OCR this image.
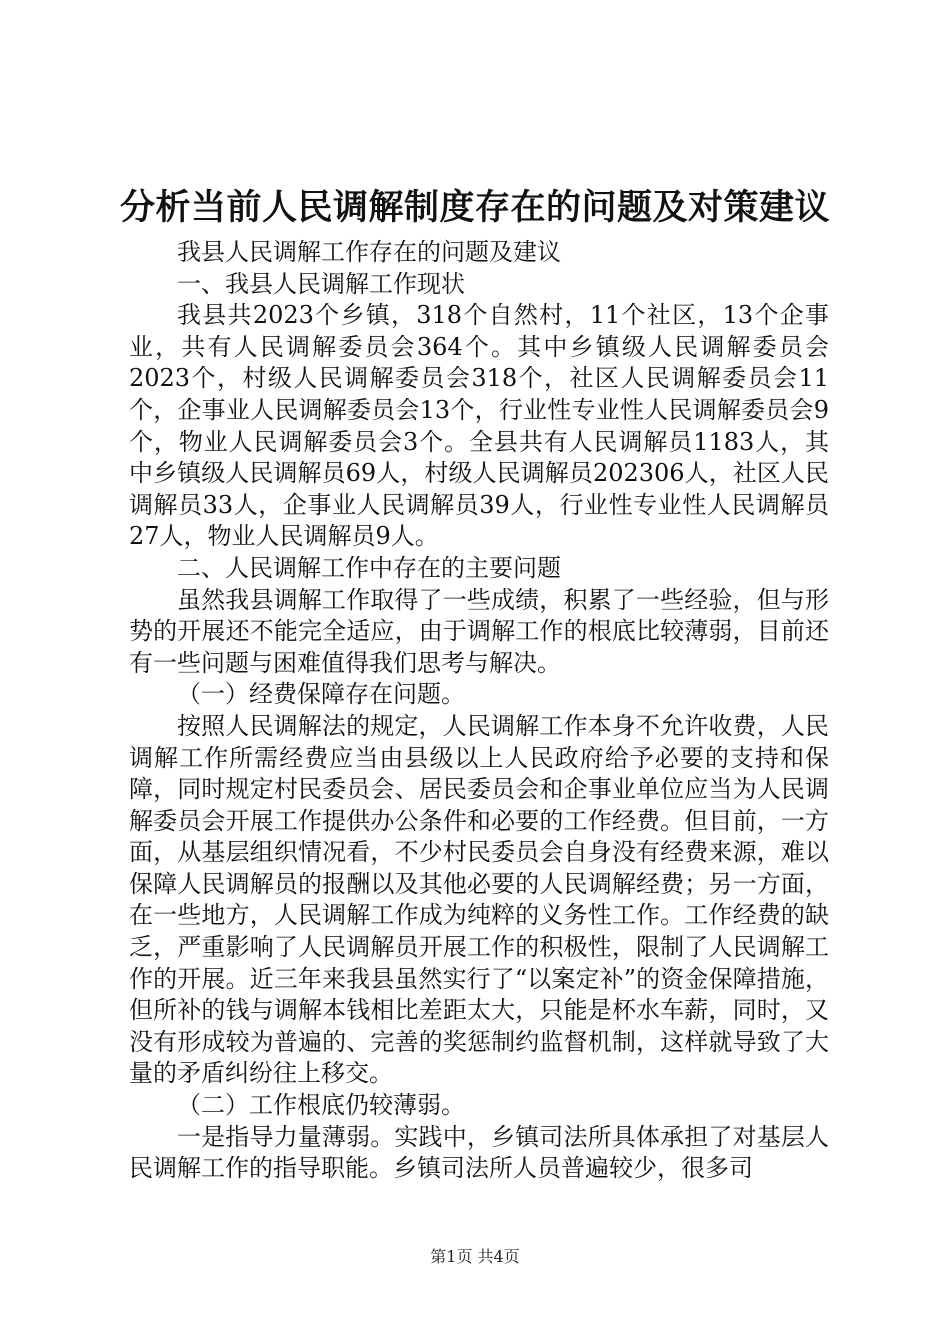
分析当前人民调解制度存在的问题及对策建议

我县人民调解工作存在的问题及建议

一、我县人民调解工作现状

我县共2023个乡镇，318个自然村，11个社区，13个企事业，共有人民调解委员会364个。其中乡镇级人民调解委员会2023个，村级人民调解委员会318个，社区人民调解委员会11个，企事业人民调解委员会13个，行业性专业性人民调解委员会9个，物业人民调解委员会3个。全县共有人民调解员1183人，其中乡镇级人民调解员69人，村级人民调解员202306人，社区人民调解员33人，企事业人民调解员39人，行业性专业性人民调解员27人，物业人民调解员9人。

二、人民调解工作中存在的主要问题

虽然我县调解工作取得了一些成绩，积累了一些经验，但与形势的开展还不能完全适应，由于调解工作的根底比较薄弱，目前还有一些问题与困难值得我们思考与解决。

（一）经费保障存在问题。

按照人民调解法的规定，人民调解工作本身不允许收费，人民调解工作所需经费应当由县级以上人民政府给予必要的支持和保障，同时规定村民委员会、居民委员会和企事业单位应当为人民调解委员会开展工作提供办公条件和必要的工作经费。但目前，一方面，从基层组织情况看，不少村民委员会自身没有经费来源，难以保障人民调解员的报酬以及其他必要的人民调解经费；另一方面，在一些地方，人民调解工作成为纯粹的义务性工作。工作经费的缺乏，严重影响了人民调解员开展工作的积极性，限制了人民调解工作的开展。近三年来我县虽然实行了“以案定补”的资金保障措施，但所补的钱与调解本钱相比差距太大，只能是杯水车薪，同时，又没有形成较为普遍的、完善的奖惩制约监督机制，这样就导致了大量的矛盾纠纷往上移交。

（二）工作根底仍较薄弱。

一是指导力量薄弱。实践中，乡镇司法所具体承担了对基层人民调解工作的指导职能。乡镇司法所人员普遍较少，很多司

第1页 共4页
